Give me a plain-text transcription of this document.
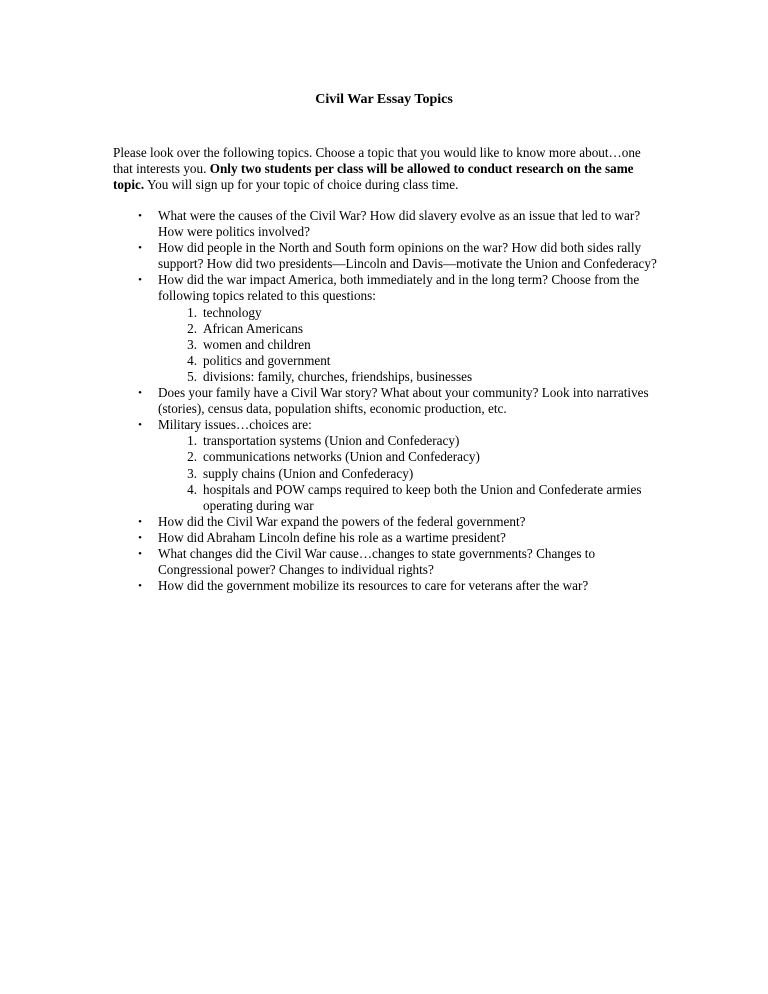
Civil War Essay Topics
Please look over the following topics. Choose a topic that you would like to know more about…one that interests you. Only two students per class will be allowed to conduct research on the same topic. You will sign up for your topic of choice during class time.
• What were the causes of the Civil War? How did slavery evolve as an issue that led to war? How were politics involved?
• How did people in the North and South form opinions on the war? How did both sides rally support? How did two presidents—Lincoln and Davis—motivate the Union and Confederacy?
• How did the war impact America, both immediately and in the long term? Choose from the following topics related to this questions:
1. technology
2. African Americans
3. women and children
4. politics and government
5. divisions: family, churches, friendships, businesses
• Does your family have a Civil War story? What about your community? Look into narratives (stories), census data, population shifts, economic production, etc.
• Military issues…choices are:
1. transportation systems (Union and Confederacy)
2. communications networks (Union and Confederacy)
3. supply chains (Union and Confederacy)
4. hospitals and POW camps required to keep both the Union and Confederate armies operating during war
• How did the Civil War expand the powers of the federal government?
• How did Abraham Lincoln define his role as a wartime president?
• What changes did the Civil War cause…changes to state governments? Changes to Congressional power? Changes to individual rights?
• How did the government mobilize its resources to care for veterans after the war?
